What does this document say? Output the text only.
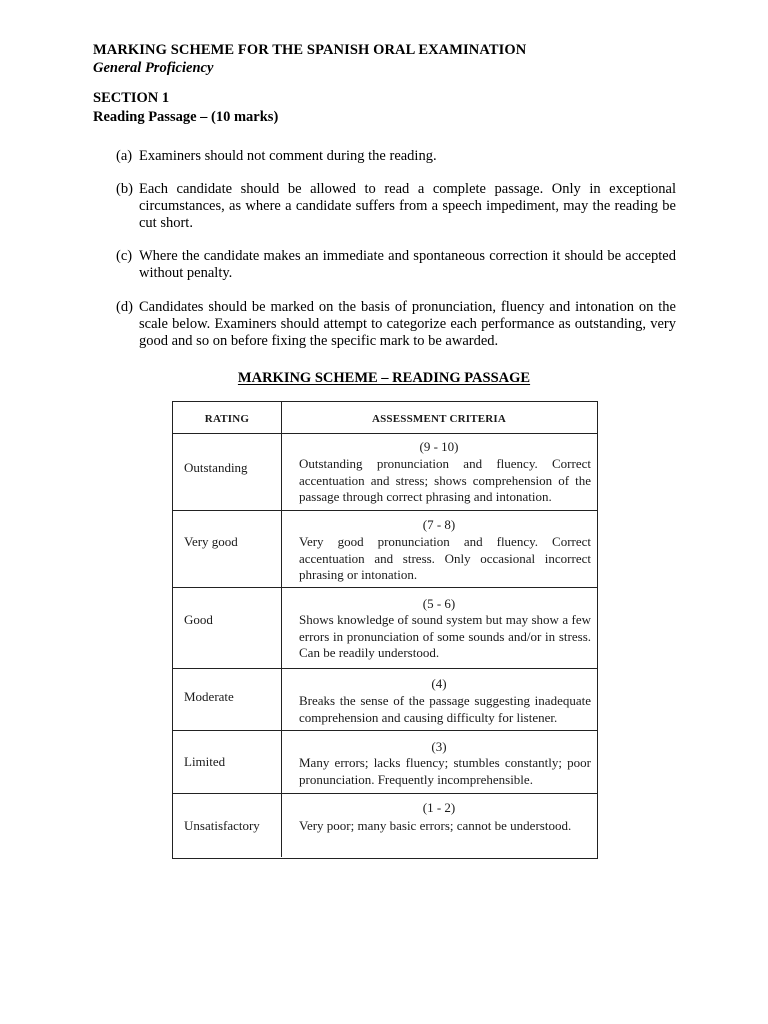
MARKING SCHEME FOR THE SPANISH ORAL EXAMINATION
General Proficiency
SECTION 1
Reading Passage – (10 marks)
(a) Examiners should not comment during the reading.
(b) Each candidate should be allowed to read a complete passage. Only in exceptional circumstances, as where a candidate suffers from a speech impediment, may the reading be cut short.
(c) Where the candidate makes an immediate and spontaneous correction it should be accepted without penalty.
(d) Candidates should be marked on the basis of pronunciation, fluency and intonation on the scale below. Examiners should attempt to categorize each performance as outstanding, very good and so on before fixing the specific mark to be awarded.
MARKING SCHEME – READING PASSAGE
RATING	ASSESSMENT CRITERIA
Outstanding
(9 - 10)
Outstanding pronunciation and fluency. Correct accentuation and stress; shows comprehension of the passage through correct phrasing and intonation.
Very good
(7 - 8)
Very good pronunciation and fluency. Correct accentuation and stress. Only occasional incorrect phrasing or intonation.
Good
(5 - 6)
Shows knowledge of sound system but may show a few errors in pronunciation of some sounds and/or in stress. Can be readily understood.
Moderate
(4)
Breaks the sense of the passage suggesting inadequate comprehension and causing difficulty for listener.
Limited
(3)
Many errors; lacks fluency; stumbles constantly; poor pronunciation. Frequently incomprehensible.
Unsatisfactory
(1 - 2)
Very poor; many basic errors; cannot be understood.
